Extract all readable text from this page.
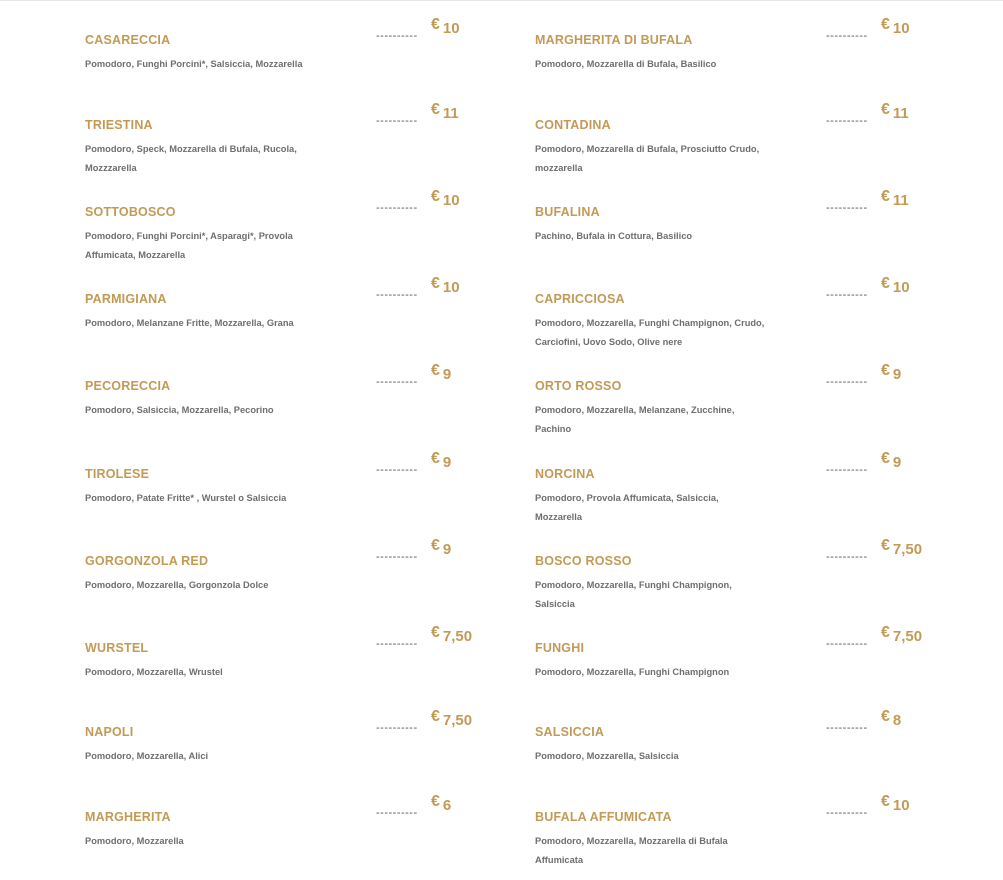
CASARECCIA
Pomodoro, Funghi Porcini*, Salsiccia, Mozzarella
----------
€ 10
TRIESTINA
Pomodoro, Speck, Mozzarella di Bufala, Rucola, Mozzzarella
----------
€ 11
SOTTOBOSCO
Pomodoro, Funghi Porcini*, Asparagi*, Provola Affumicata, Mozzarella
----------
€ 10
PARMIGIANA
Pomodoro, Melanzane Fritte, Mozzarella, Grana
----------
€ 10
PECORECCIA
Pomodoro, Salsiccia, Mozzarella, Pecorino
----------
€ 9
TIROLESE
Pomodoro, Patate Fritte* , Wurstel o Salsiccia
----------
€ 9
GORGONZOLA RED
Pomodoro, Mozzarella, Gorgonzola Dolce
----------
€ 9
WURSTEL
Pomodoro, Mozzarella, Wrustel
----------
€ 7,50
NAPOLI
Pomodoro, Mozzarella, Alici
----------
€ 7,50
MARGHERITA
Pomodoro, Mozzarella
----------
€ 6
MARGHERITA DI BUFALA
Pomodoro, Mozzarella di Bufala, Basilico
----------
€ 10
CONTADINA
Pomodoro, Mozzarella di Bufala, Prosciutto Crudo, mozzarella
----------
€ 11
BUFALINA
Pachino, Bufala in Cottura, Basilico
----------
€ 11
CAPRICCIOSA
Pomodoro, Mozzarella, Funghi Champignon, Crudo, Carciofini, Uovo Sodo, Olive nere
----------
€ 10
ORTO ROSSO
Pomodoro, Mozzarella, Melanzane, Zucchine, Pachino
----------
€ 9
NORCINA
Pomodoro, Provola Affumicata, Salsiccia, Mozzarella
----------
€ 9
BOSCO ROSSO
Pomodoro, Mozzarella, Funghi Champignon, Salsiccia
----------
€ 7,50
FUNGHI
Pomodoro, Mozzarella, Funghi Champignon
----------
€ 7,50
SALSICCIA
Pomodoro, Mozzarella, Salsiccia
----------
€ 8
BUFALA AFFUMICATA
Pomodoro, Mozzarella, Mozzarella di Bufala Affumicata
----------
€ 10
